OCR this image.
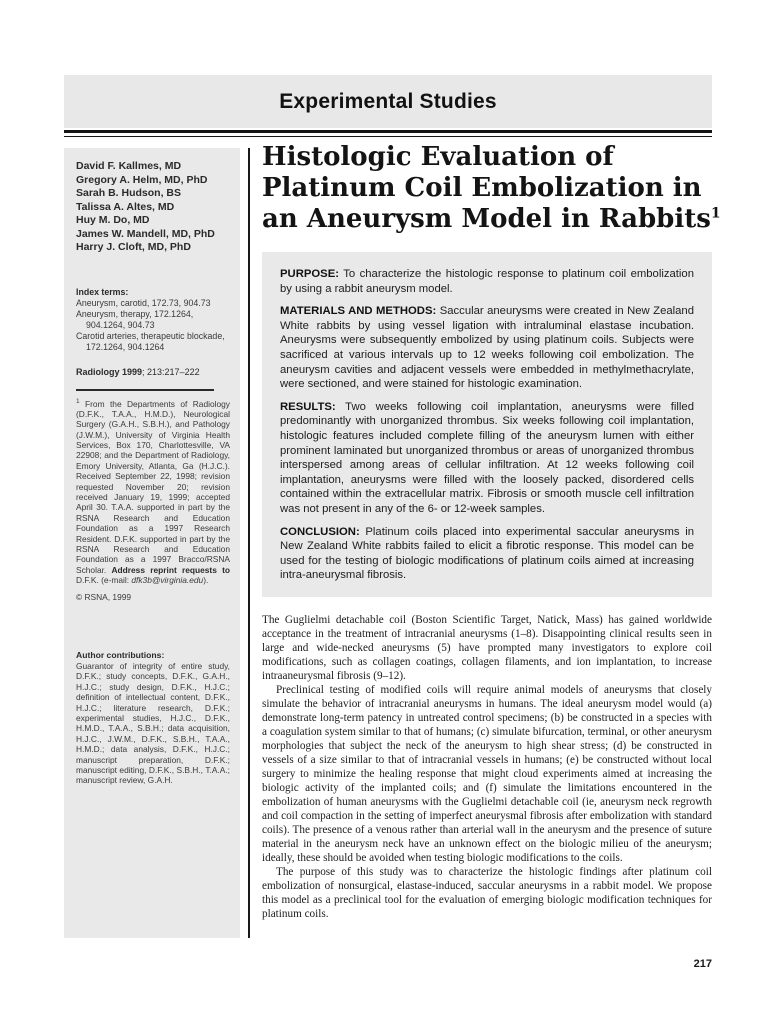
Experimental Studies
David F. Kallmes, MD
Gregory A. Helm, MD, PhD
Sarah B. Hudson, BS
Talissa A. Altes, MD
Huy M. Do, MD
James W. Mandell, MD, PhD
Harry J. Cloft, MD, PhD
Index terms:
Aneurysm, carotid, 172.73, 904.73
Aneurysm, therapy, 172.1264, 904.1264, 904.73
Carotid arteries, therapeutic blockade, 172.1264, 904.1264
Radiology 1999; 213:217–222

$^1$ From the Departments of Radiology (D.F.K., T.A.A., H.M.D.), Neurological Surgery (G.A.H., S.B.H.), and Pathology (J.W.M.), University of Virginia Health Services, Box 170, Charlottesville, VA 22908; and the Department of Radiology, Emory University, Atlanta, Ga (H.J.C.). Received September 22, 1998; revision requested November 20; revision received January 19, 1999; accepted April 30. T.A.A. supported in part by the RSNA Research and Education Foundation as a 1997 Research Resident. D.F.K. supported in part by the RSNA Research and Education Foundation as a 1997 Bracco/RSNA Scholar. Address reprint requests to D.F.K. (e-mail: dfk3b@virginia.edu).

© RSNA, 1999
Author contributions:
Guarantor of integrity of entire study, D.F.K.; study concepts, D.F.K., G.A.H., H.J.C.; study design, D.F.K., H.J.C.; definition of intellectual content, D.F.K., H.J.C.; literature research, D.F.K.; experimental studies, H.J.C., D.F.K., H.M.D., T.A.A., S.B.H.; data acquisition, H.J.C., J.W.M., D.F.K., S.B.H., T.A.A., H.M.D.; data analysis, D.F.K., H.J.C.; manuscript preparation, D.F.K.; manuscript editing, D.F.K., S.B.H., T.A.A.; manuscript review, G.A.H.
Histologic Evaluation of
Platinum Coil Embolization in
an Aneurysm Model in Rabbits$^1$

PURPOSE: To characterize the histologic response to platinum coil embolization by using a rabbit aneurysm model.

MATERIALS AND METHODS: Saccular aneurysms were created in New Zealand White rabbits by using vessel ligation with intraluminal elastase incubation. Aneurysms were subsequently embolized by using platinum coils. Subjects were sacrificed at various intervals up to 12 weeks following coil embolization. The aneurysm cavities and adjacent vessels were embedded in methylmethacrylate, were sectioned, and were stained for histologic examination.

RESULTS: Two weeks following coil implantation, aneurysms were filled predominantly with unorganized thrombus. Six weeks following coil implantation, histologic features included complete filling of the aneurysm lumen with either prominent laminated but unorganized thrombus or areas of unorganized thrombus interspersed among areas of cellular infiltration. At 12 weeks following coil implantation, aneurysms were filled with the loosely packed, disordered cells contained within the extracellular matrix. Fibrosis or smooth muscle cell infiltration was not present in any of the 6- or 12-week samples.

CONCLUSION: Platinum coils placed into experimental saccular aneurysms in New Zealand White rabbits failed to elicit a fibrotic response. This model can be used for the testing of biologic modifications of platinum coils aimed at increasing intra-aneurysmal fibrosis.

The Guglielmi detachable coil (Boston Scientific Target, Natick, Mass) has gained worldwide acceptance in the treatment of intracranial aneurysms (1–8). Disappointing clinical results seen in large and wide-necked aneurysms (5) have prompted many investigators to explore coil modifications, such as collagen coatings, collagen filaments, and ion implantation, to increase intraaneurysmal fibrosis (9–12).

Preclinical testing of modified coils will require animal models of aneurysms that closely simulate the behavior of intracranial aneurysms in humans. The ideal aneurysm model would (a) demonstrate long-term patency in untreated control specimens; (b) be constructed in a species with a coagulation system similar to that of humans; (c) simulate bifurcation, terminal, or other aneurysm morphologies that subject the neck of the aneurysm to high shear stress; (d) be constructed in vessels of a size similar to that of intracranial vessels in humans; (e) be constructed without local surgery to minimize the healing response that might cloud experiments aimed at increasing the biologic activity of the implanted coils; and (f) simulate the limitations encountered in the embolization of human aneurysms with the Guglielmi detachable coil (ie, aneurysm neck regrowth and coil compaction in the setting of imperfect aneurysmal fibrosis after embolization with standard coils). The presence of a venous rather than arterial wall in the aneurysm and the presence of suture material in the aneurysm neck have an unknown effect on the biologic milieu of the aneurysm; ideally, these should be avoided when testing biologic modifications to the coils.

The purpose of this study was to characterize the histologic findings after platinum coil embolization of nonsurgical, elastase-induced, saccular aneurysms in a rabbit model. We propose this model as a preclinical tool for the evaluation of emerging biologic modification techniques for platinum coils.

217
